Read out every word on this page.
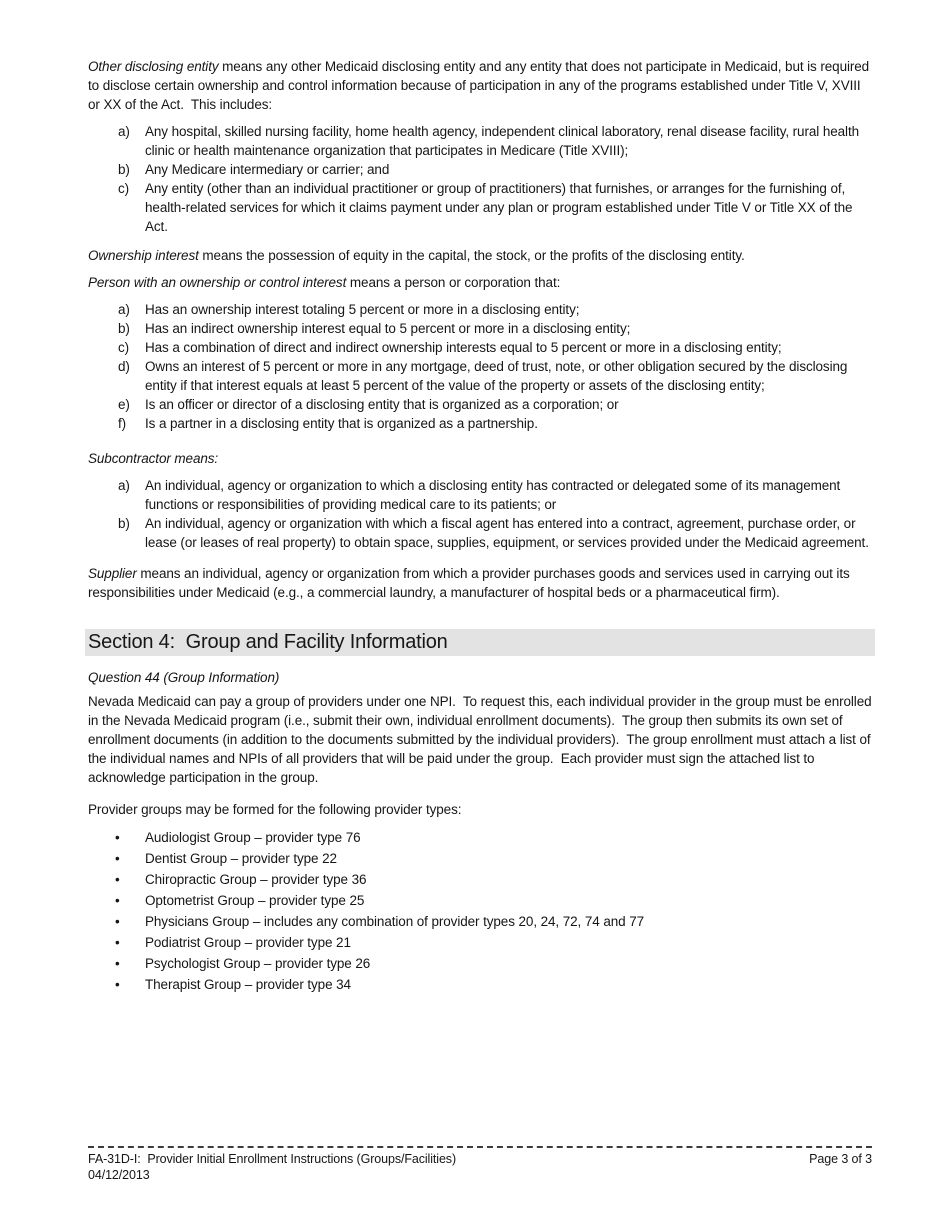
Other disclosing entity means any other Medicaid disclosing entity and any entity that does not participate in Medicaid, but is required to disclose certain ownership and control information because of participation in any of the programs established under Title V, XVIII or XX of the Act.  This includes:

a)	Any hospital, skilled nursing facility, home health agency, independent clinical laboratory, renal disease facility, rural health clinic or health maintenance organization that participates in Medicare (Title XVIII);
b)	Any Medicare intermediary or carrier; and
c)	Any entity (other than an individual practitioner or group of practitioners) that furnishes, or arranges for the furnishing of, health-related services for which it claims payment under any plan or program established under Title V or Title XX of the Act.

Ownership interest means the possession of equity in the capital, the stock, or the profits of the disclosing entity.

Person with an ownership or control interest means a person or corporation that:

a)	Has an ownership interest totaling 5 percent or more in a disclosing entity;
b)	Has an indirect ownership interest equal to 5 percent or more in a disclosing entity;
c)	Has a combination of direct and indirect ownership interests equal to 5 percent or more in a disclosing entity;
d)	Owns an interest of 5 percent or more in any mortgage, deed of trust, note, or other obligation secured by the disclosing entity if that interest equals at least 5 percent of the value of the property or assets of the disclosing entity;
e)	Is an officer or director of a disclosing entity that is organized as a corporation; or
f)	Is a partner in a disclosing entity that is organized as a partnership.

Subcontractor means:

a)	An individual, agency or organization to which a disclosing entity has contracted or delegated some of its management functions or responsibilities of providing medical care to its patients; or
b)	An individual, agency or organization with which a fiscal agent has entered into a contract, agreement, purchase order, or lease (or leases of real property) to obtain space, supplies, equipment, or services provided under the Medicaid agreement.

Supplier means an individual, agency or organization from which a provider purchases goods and services used in carrying out its responsibilities under Medicaid (e.g., a commercial laundry, a manufacturer of hospital beds or a pharmaceutical firm).

Section 4:  Group and Facility Information

Question 44 (Group Information)

Nevada Medicaid can pay a group of providers under one NPI.  To request this, each individual provider in the group must be enrolled in the Nevada Medicaid program (i.e., submit their own, individual enrollment documents).  The group then submits its own set of enrollment documents (in addition to the documents submitted by the individual providers).  The group enrollment must attach a list of the individual names and NPIs of all providers that will be paid under the group.  Each provider must sign the attached list to acknowledge participation in the group.

Provider groups may be formed for the following provider types:

•	Audiologist Group – provider type 76
•	Dentist Group – provider type 22
•	Chiropractic Group – provider type 36
•	Optometrist Group – provider type 25
•	Physicians Group – includes any combination of provider types 20, 24, 72, 74 and 77
•	Podiatrist Group – provider type 21
•	Psychologist Group – provider type 26
•	Therapist Group – provider type 34
FA-31D-I:  Provider Initial Enrollment Instructions (Groups/Facilities)	Page 3 of 3
04/12/2013
